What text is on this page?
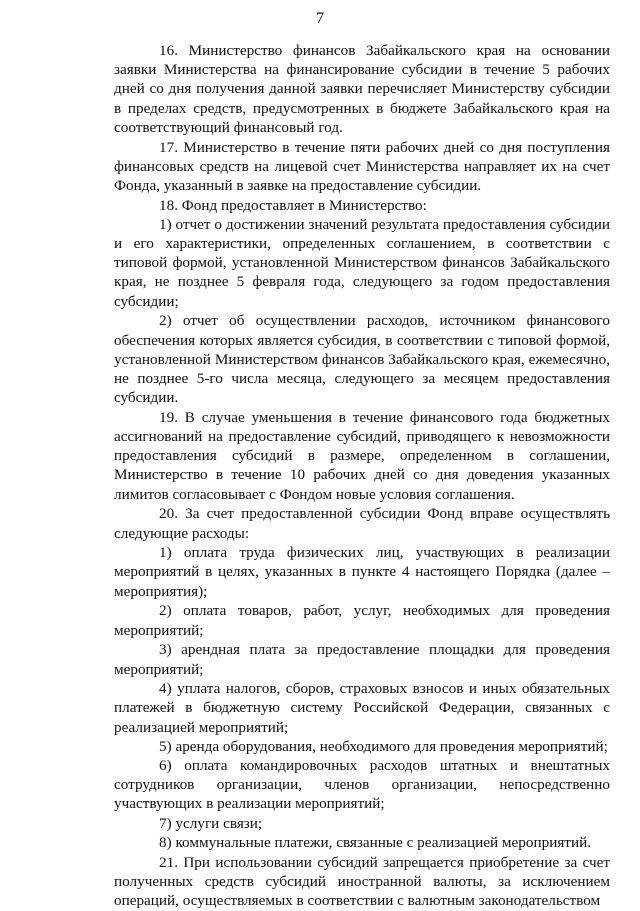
7

16. Министерство финансов Забайкальского края на основании заявки Министерства на финансирование субсидии в течение 5 рабочих дней со дня получения данной заявки перечисляет Министерству субсидии в пределах средств, предусмотренных в бюджете Забайкальского края на соответствующий финансовый год.

17. Министерство в течение пяти рабочих дней со дня поступления финансовых средств на лицевой счет Министерства направляет их на счет Фонда, указанный в заявке на предоставление субсидии.

18. Фонд предоставляет в Министерство:

1) отчет о достижении значений результата предоставления субсидии и его характеристики, определенных соглашением, в соответствии с типовой формой, установленной Министерством финансов Забайкальского края, не позднее 5 февраля года, следующего за годом предоставления субсидии;

2) отчет об осуществлении расходов, источником финансового обеспечения которых является субсидия, в соответствии с типовой формой, установленной Министерством финансов Забайкальского края, ежемесячно, не позднее 5-го числа месяца, следующего за месяцем предоставления субсидии.

19. В случае уменьшения в течение финансового года бюджетных ассигнований на предоставление субсидий, приводящего к невозможности предоставления субсидий в размере, определенном в соглашении, Министерство в течение 10 рабочих дней со дня доведения указанных лимитов согласовывает с Фондом новые условия соглашения.

20. За счет предоставленной субсидии Фонд вправе осуществлять следующие расходы:

1) оплата труда физических лиц, участвующих в реализации мероприятий в целях, указанных в пункте 4 настоящего Порядка (далее – мероприятия);

2) оплата товаров, работ, услуг, необходимых для проведения мероприятий;

3) арендная плата за предоставление площадки для проведения мероприятий;

4) уплата налогов, сборов, страховых взносов и иных обязательных платежей в бюджетную систему Российской Федерации, связанных с реализацией мероприятий;

5) аренда оборудования, необходимого для проведения мероприятий;

6) оплата командировочных расходов штатных и внештатных сотрудников организации, членов организации, непосредственно участвующих в реализации мероприятий;

7) услуги связи;

8) коммунальные платежи, связанные с реализацией мероприятий.

21. При использовании субсидий запрещается приобретение за счет полученных средств субсидий иностранной валюты, за исключением операций, осуществляемых в соответствии с валютным законодательством
